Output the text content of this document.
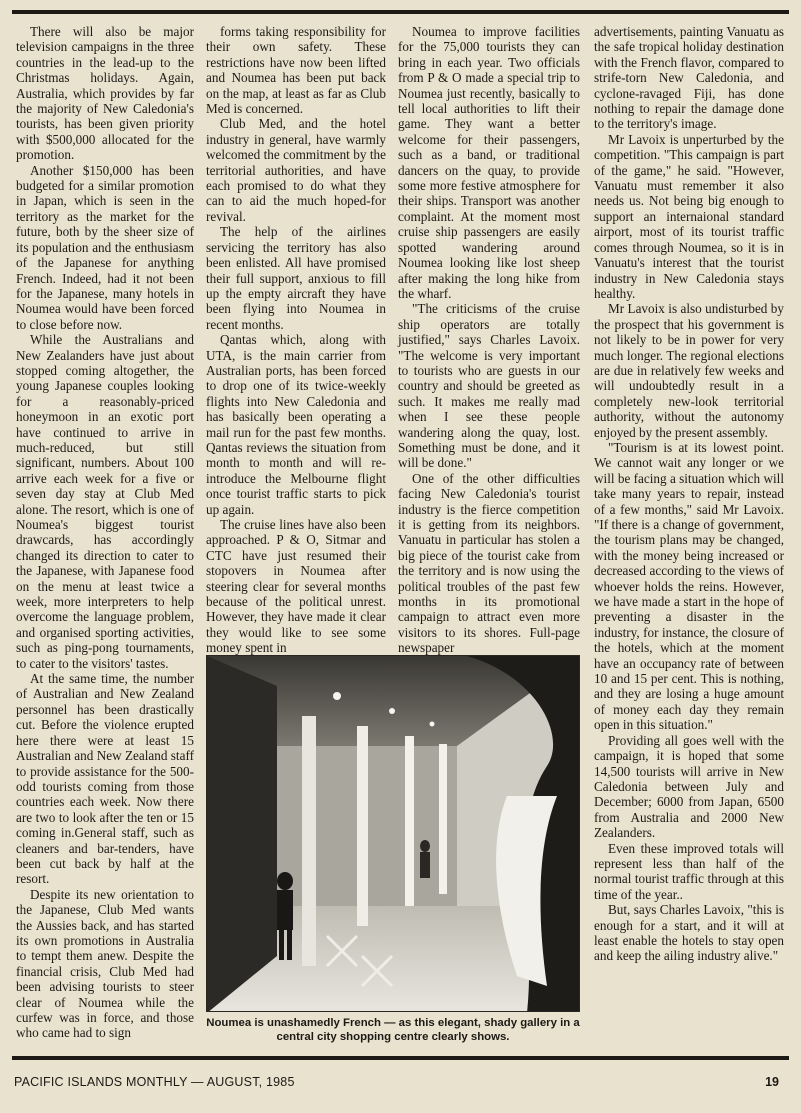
There will also be major television campaigns in the three countries in the lead-up to the Christmas holidays. Again, Australia, which provides by far the majority of New Caledonia's tourists, has been given priority with $500,000 allocated for the promotion.

Another $150,000 has been budgeted for a similar promotion in Japan, which is seen in the territory as the market for the future, both by the sheer size of its population and the enthusiasm of the Japanese for anything French. Indeed, had it not been for the Japanese, many hotels in Noumea would have been forced to close before now.

While the Australians and New Zealanders have just about stopped coming altogether, the young Japanese couples looking for a reasonably-priced honeymoon in an exotic port have continued to arrive in much-reduced, but still significant, numbers. About 100 arrive each week for a five or seven day stay at Club Med alone. The resort, which is one of Noumea's biggest tourist drawcards, has accordingly changed its direction to cater to the Japanese, with Japanese food on the menu at least twice a week, more interpreters to help overcome the language problem, and organised sporting activities, such as ping-pong tournaments, to cater to the visitors' tastes.

At the same time, the number of Australian and New Zealand personnel has been drastically cut. Before the violence erupted here there were at least 15 Australian and New Zealand staff to provide assistance for the 500-odd tourists coming from those countries each week. Now there are two to look after the ten or 15 coming in.General staff, such as cleaners and bar-tenders, have been cut back by half at the resort.

Despite its new orientation to the Japanese, Club Med wants the Aussies back, and has started its own promotions in Australia to tempt them anew. Despite the financial crisis, Club Med had been advising tourists to steer clear of Noumea while the curfew was in force, and those who came had to sign

forms taking responsibility for their own safety. These restrictions have now been lifted and Noumea has been put back on the map, at least as far as Club Med is concerned.

Club Med, and the hotel industry in general, have warmly welcomed the commitment by the territorial authorities, and have each promised to do what they can to aid the much hoped-for revival.

The help of the airlines servicing the territory has also been enlisted. All have promised their full support, anxious to fill up the empty aircraft they have been flying into Noumea in recent months.

Qantas which, along with UTA, is the main carrier from Australian ports, has been forced to drop one of its twice-weekly flights into New Caledonia and has basically been operating a mail run for the past few months. Qantas reviews the situation from month to month and will re-introduce the Melbourne flight once tourist traffic starts to pick up again.

The cruise lines have also been approached. P & O, Sitmar and CTC have just resumed their stopovers in Noumea after steering clear for several months because of the political unrest. However, they have made it clear they would like to see some money spent in

Noumea to improve facilities for the 75,000 tourists they can bring in each year. Two officials from P & O made a special trip to Noumea just recently, basically to tell local authorities to lift their game. They want a better welcome for their passengers, such as a band, or traditional dancers on the quay, to provide some more festive atmosphere for their ships. Transport was another complaint. At the moment most cruise ship passengers are easily spotted wandering around Noumea looking like lost sheep after making the long hike from the wharf.

"The criticisms of the cruise ship operators are totally justified," says Charles Lavoix. "The welcome is very important to tourists who are guests in our country and should be greeted as such. It makes me really mad when I see these people wandering along the quay, lost. Something must be done, and it will be done."

One of the other difficulties facing New Caledonia's tourist industry is the fierce competition it is getting from its neighbors. Vanuatu in particular has stolen a big piece of the tourist cake from the territory and is now using the political troubles of the past few months in its promotional campaign to attract even more visitors to its shores. Full-page newspaper

advertisements, painting Vanuatu as the safe tropical holiday destination with the French flavor, compared to strife-torn New Caledonia, and cyclone-ravaged Fiji, has done nothing to repair the damage done to the territory's image.

Mr Lavoix is unperturbed by the competition. "This campaign is part of the game," he said. "However, Vanuatu must remember it also needs us. Not being big enough to support an internaional standard airport, most of its tourist traffic comes through Noumea, so it is in Vanuatu's interest that the tourist industry in New Caledonia stays healthy.

Mr Lavoix is also undisturbed by the prospect that his government is not likely to be in power for very much longer. The regional elections are due in relatively few weeks and will undoubtedly result in a completely new-look territorial authority, without the autonomy enjoyed by the present assembly.

"Tourism is at its lowest point. We cannot wait any longer or we will be facing a situation which will take many years to repair, instead of a few months," said Mr Lavoix. "If there is a change of government, the tourism plans may be changed, with the money being increased or decreased according to the views of whoever holds the reins. However, we have made a start in the hope of preventing a disaster in the industry, for instance, the closure of the hotels, which at the moment have an occupancy rate of between 10 and 15 per cent. This is nothing, and they are losing a huge amount of money each day they remain open in this situation."

Providing all goes well with the campaign, it is hoped that some 14,500 tourists will arrive in New Caledonia between July and December; 6000 from Japan, 6500 from Australia and 2000 New Zealanders.

Even these improved totals will represent less than half of the normal tourist traffic through at this time of the year..

But, says Charles Lavoix, "this is enough for a start, and it will at least enable the hotels to stay open and keep the ailing industry alive."

Noumea is unashamedly French — as this elegant, shady gallery in a central city shopping centre clearly shows.
PACIFIC ISLANDS MONTHLY — AUGUST, 1985	19
